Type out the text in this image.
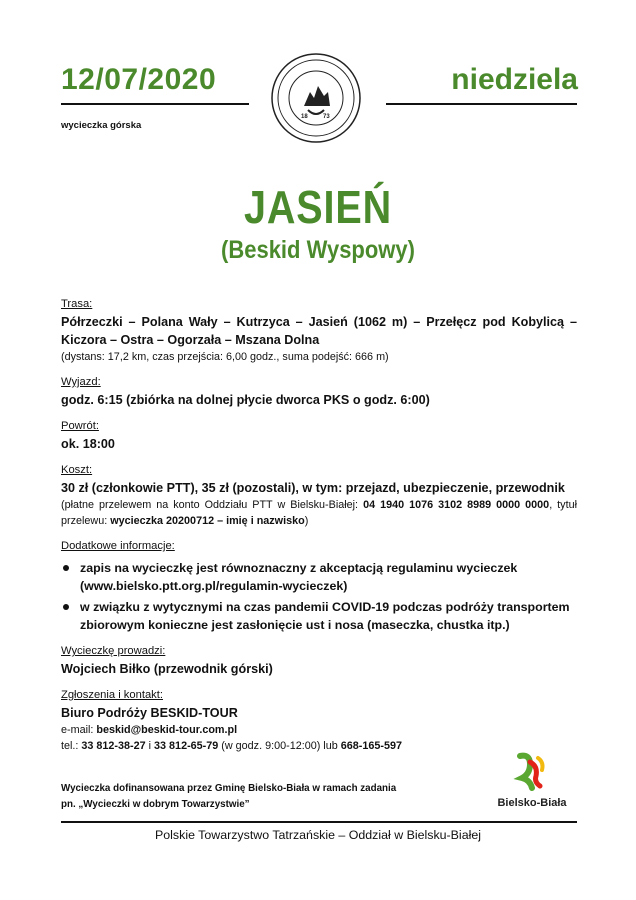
12/07/2020	niedziela
wycieczka górska
18	73
JASIEŃ
(Beskid Wyspowy)
Trasa:
Półrzeczki – Polana Wały – Kutrzyca – Jasień (1062 m) – Przełęcz pod Kobylicą – Kiczora – Ostra – Ogorzała – Mszana Dolna
(dystans: 17,2 km, czas przejścia: 6,00 godz., suma podejść: 666 m)
Wyjazd:
godz. 6:15 (zbiórka na dolnej płycie dworca PKS o godz. 6:00)
Powrót:
ok. 18:00
Koszt:
30 zł (członkowie PTT), 35 zł (pozostali), w tym: przejazd, ubezpieczenie, przewodnik
(płatne przelewem na konto Oddziału PTT w Bielsku-Białej: 04 1940 1076 3102 8989 0000 0000, tytuł przelewu: wycieczka 20200712 – imię i nazwisko)
Dodatkowe informacje:
zapis na wycieczkę jest równoznaczny z akceptacją regulaminu wycieczek (www.bielsko.ptt.org.pl/regulamin-wycieczek)
w związku z wytycznymi na czas pandemii COVID-19 podczas podróży transportem zbiorowym konieczne jest zasłonięcie ust i nosa (maseczka, chustka itp.)
Wycieczkę prowadzi:
Wojciech Biłko (przewodnik górski)
Zgłoszenia i kontakt:
Biuro Podróży BESKID-TOUR
e-mail: beskid@beskid-tour.com.pl
tel.: 33 812-38-27 i 33 812-65-79 (w godz. 9:00-12:00) lub 668-165-597
Wycieczka dofinansowana przez Gminę Bielsko-Biała w ramach zadania
pn. „Wycieczki w dobrym Towarzystwie”	Bielsko-Biała
Polskie Towarzystwo Tatrzańskie – Oddział w Bielsku-Białej
